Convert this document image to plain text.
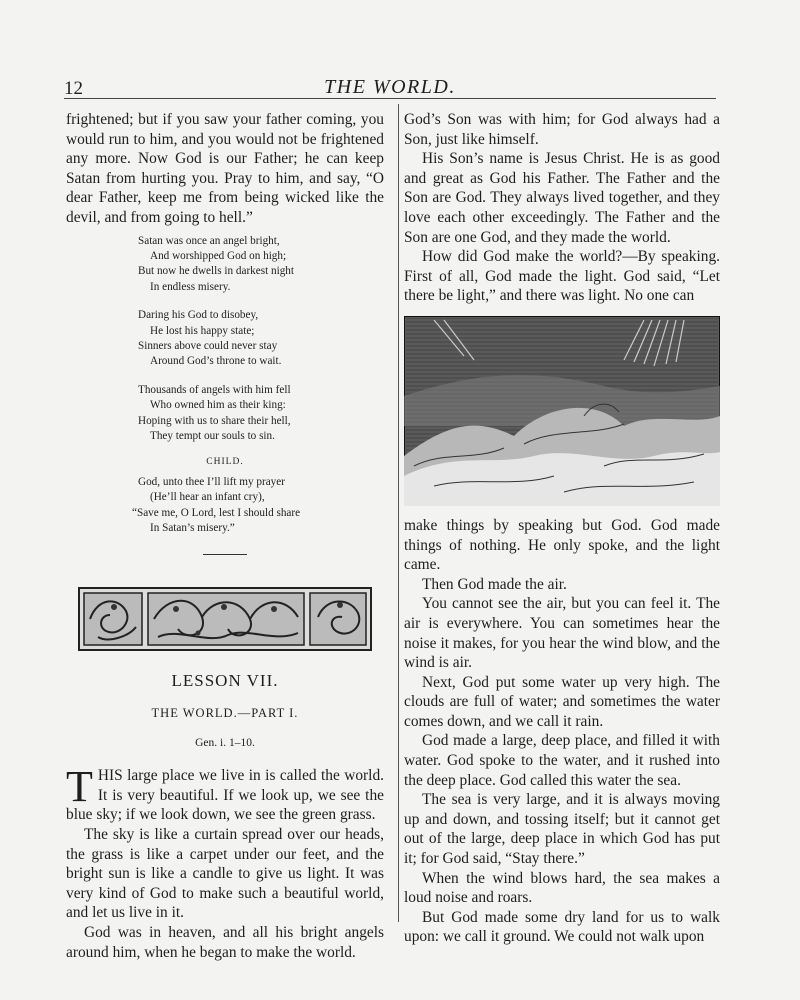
12	THE WORLD.

frightened; but if you saw your father coming, you would run to him, and you would not be frightened any more. Now God is our Father; he can keep Satan from hurting you. Pray to him, and say, “O dear Father, keep me from being wicked like the devil, and from going to hell.”

Satan was once an angel bright,
And worshipped God on high;
But now he dwells in darkest night
In endless misery.
Daring his God to disobey,
He lost his happy state;
Sinners above could never stay
Around God’s throne to wait.
Thousands of angels with him fell
Who owned him as their king:
Hoping with us to share their hell,
They tempt our souls to sin.
CHILD.
God, unto thee I’ll lift my prayer
(He’ll hear an infant cry),
“Save me, O Lord, lest I should share
In Satan’s misery.”
LESSON VII.
THE WORLD.—PART I.
Gen. i. 1–10.

THIS large place we live in is called the world. It is very beautiful. If we look up, we see the blue sky; if we look down, we see the green grass.

The sky is like a curtain spread over our heads, the grass is like a carpet under our feet, and the bright sun is like a candle to give us light. It was very kind of God to make such a beautiful world, and let us live in it.

God was in heaven, and all his bright angels around him, when he began to make the world.

God’s Son was with him; for God always had a Son, just like himself.

His Son’s name is Jesus Christ. He is as good and great as God his Father. The Father and the Son are God. They always lived together, and they love each other exceedingly. The Father and the Son are one God, and they made the world.

How did God make the world?—By speaking. First of all, God made the light. God said, “Let there be light,” and there was light. No one can

make things by speaking but God. God made things of nothing. He only spoke, and the light came.

Then God made the air.

You cannot see the air, but you can feel it. The air is everywhere. You can sometimes hear the noise it makes, for you hear the wind blow, and the wind is air.

Next, God put some water up very high. The clouds are full of water; and sometimes the water comes down, and we call it rain.

God made a large, deep place, and filled it with water. God spoke to the water, and it rushed into the deep place. God called this water the sea.

The sea is very large, and it is always moving up and down, and tossing itself; but it cannot get out of the large, deep place in which God has put it; for God said, “Stay there.”

When the wind blows hard, the sea makes a loud noise and roars.

But God made some dry land for us to walk upon: we call it ground. We could not walk upon
